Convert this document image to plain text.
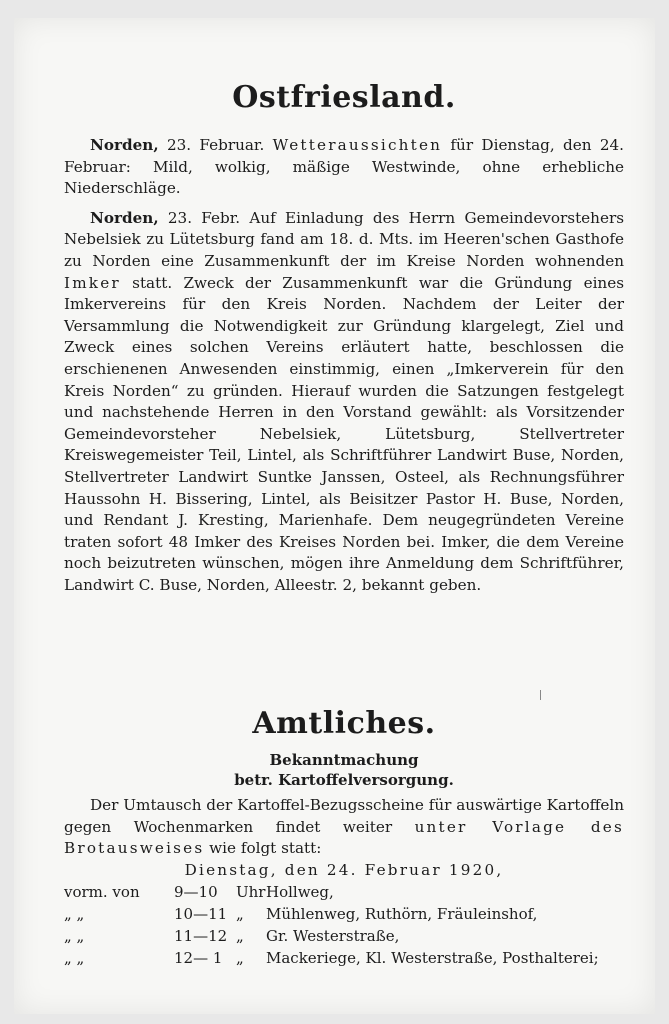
Ostfriesland.

Norden, 23. Februar. Wetteraussichten für Dienstag, den 24. Februar: Mild, wolkig, mäßige Westwinde, ohne erhebliche Niederschläge.

Norden, 23. Febr. Auf Einladung des Herrn Gemeindevorstehers Nebelsiek zu Lütetsburg fand am 18. d. Mts. im Heeren'schen Gasthofe zu Norden eine Zusammenkunft der im Kreise Norden wohnenden Imker statt. Zweck der Zusammenkunft war die Gründung eines Imkervereins für den Kreis Norden. Nachdem der Leiter der Versammlung die Notwendigkeit zur Gründung klargelegt, Ziel und Zweck eines solchen Vereins erläutert hatte, beschlossen die erschienenen Anwesenden einstimmig, einen „Imkerverein für den Kreis Norden“ zu gründen. Hierauf wurden die Satzungen festgelegt und nachstehende Herren in den Vorstand gewählt: als Vorsitzender Gemeindevorsteher Nebelsiek, Lütetsburg, Stellvertreter Kreiswegemeister Teil, Lintel, als Schriftführer Landwirt Buse, Norden, Stellvertreter Landwirt Suntke Janssen, Osteel, als Rechnungsführer Haussohn H. Bissering, Lintel, als Beisitzer Pastor H. Buse, Norden, und Rendant J. Kresting, Marienhafe. Dem neugegründeten Vereine traten sofort 48 Imker des Kreises Norden bei. Imker, die dem Vereine noch beizutreten wünschen, mögen ihre Anmeldung dem Schriftführer, Landwirt C. Buse, Norden, Alleestr. 2, bekannt geben.

Amtliches.
Bekanntmachung
betr. Kartoffelversorgung.

Der Umtausch der Kartoffel-Bezugsscheine für auswärtige Kartoffeln gegen Wochenmarken findet weiter unter Vorlage des Brotausweises wie folgt statt:

Dienstag, den 24. Februar 1920,

vorm. von	9—10	Uhr Hollweg,
„ „	10—11 „	Mühlenweg, Ruthörn, Fräuleinshof,
„ „	11—12 „	Gr. Westerstraße,
„ „	12— 1 „	Mackeriege, Kl. Westerstraße, Posthalterei;
